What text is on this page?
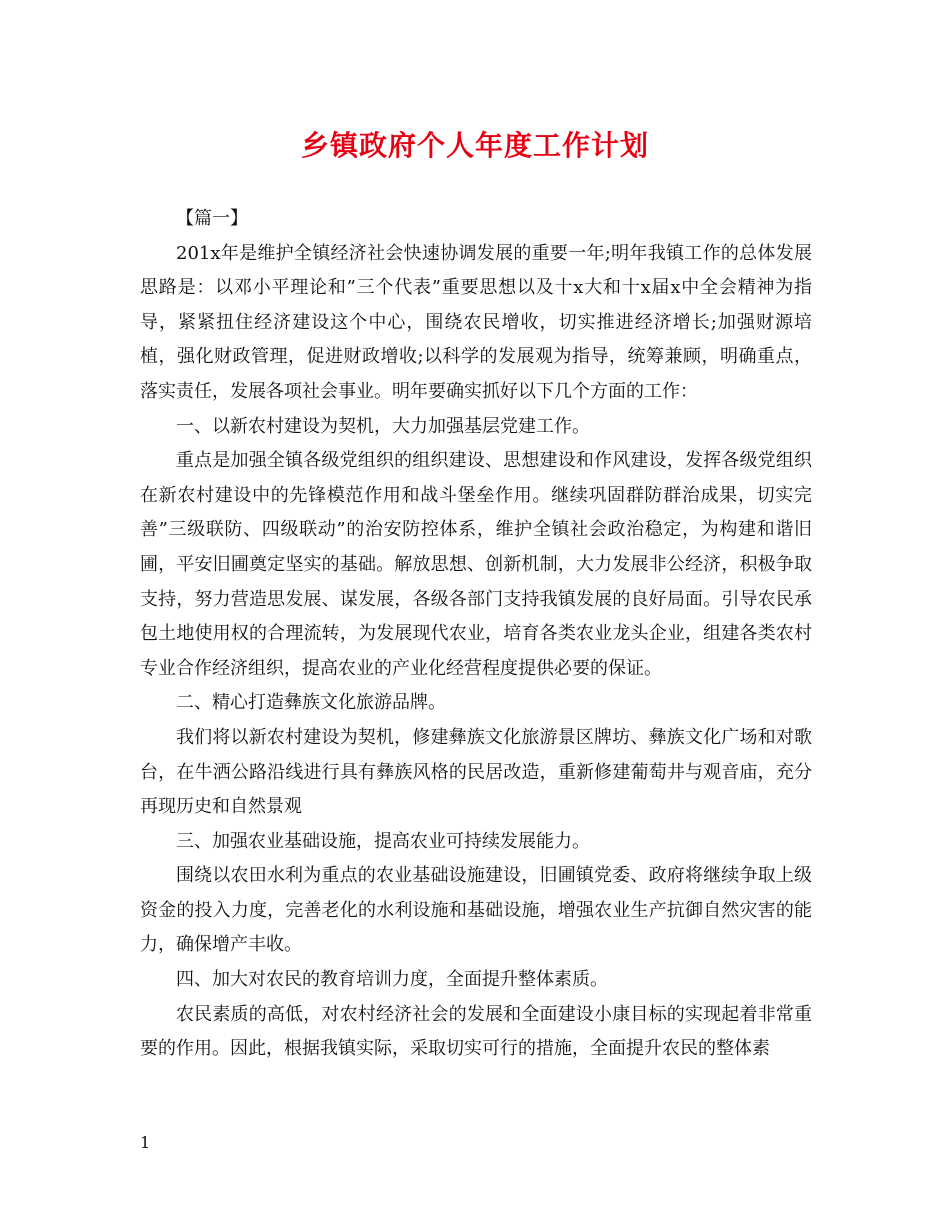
乡镇政府个人年度工作计划

【篇一】

201x年是维护全镇经济社会快速协调发展的重要一年;明年我镇工作的总体发展思路是：以邓小平理论和”三个代表”重要思想以及十x大和十x届x中全会精神为指导，紧紧扭住经济建设这个中心，围绕农民增收，切实推进经济增长;加强财源培植，强化财政管理，促进财政增收;以科学的发展观为指导，统筹兼顾，明确重点，落实责任，发展各项社会事业。明年要确实抓好以下几个方面的工作：

一、以新农村建设为契机，大力加强基层党建工作。

重点是加强全镇各级党组织的组织建设、思想建设和作风建设，发挥各级党组织在新农村建设中的先锋模范作用和战斗堡垒作用。继续巩固群防群治成果，切实完善”三级联防、四级联动”的治安防控体系，维护全镇社会政治稳定，为构建和谐旧圃，平安旧圃奠定坚实的基础。解放思想、创新机制，大力发展非公经济，积极争取支持，努力营造思发展、谋发展，各级各部门支持我镇发展的良好局面。引导农民承包土地使用权的合理流转，为发展现代农业，培育各类农业龙头企业，组建各类农村专业合作经济组织，提高农业的产业化经营程度提供必要的保证。

二、精心打造彝族文化旅游品牌。

我们将以新农村建设为契机，修建彝族文化旅游景区牌坊、彝族文化广场和对歌台，在牛洒公路沿线进行具有彝族风格的民居改造，重新修建葡萄井与观音庙，充分再现历史和自然景观

三、加强农业基础设施，提高农业可持续发展能力。

围绕以农田水利为重点的农业基础设施建设，旧圃镇党委、政府将继续争取上级资金的投入力度，完善老化的水利设施和基础设施，增强农业生产抗御自然灾害的能力，确保增产丰收。

四、加大对农民的教育培训力度，全面提升整体素质。

农民素质的高低，对农村经济社会的发展和全面建设小康目标的实现起着非常重要的作用。因此，根据我镇实际，采取切实可行的措施，全面提升农民的整体素

1
